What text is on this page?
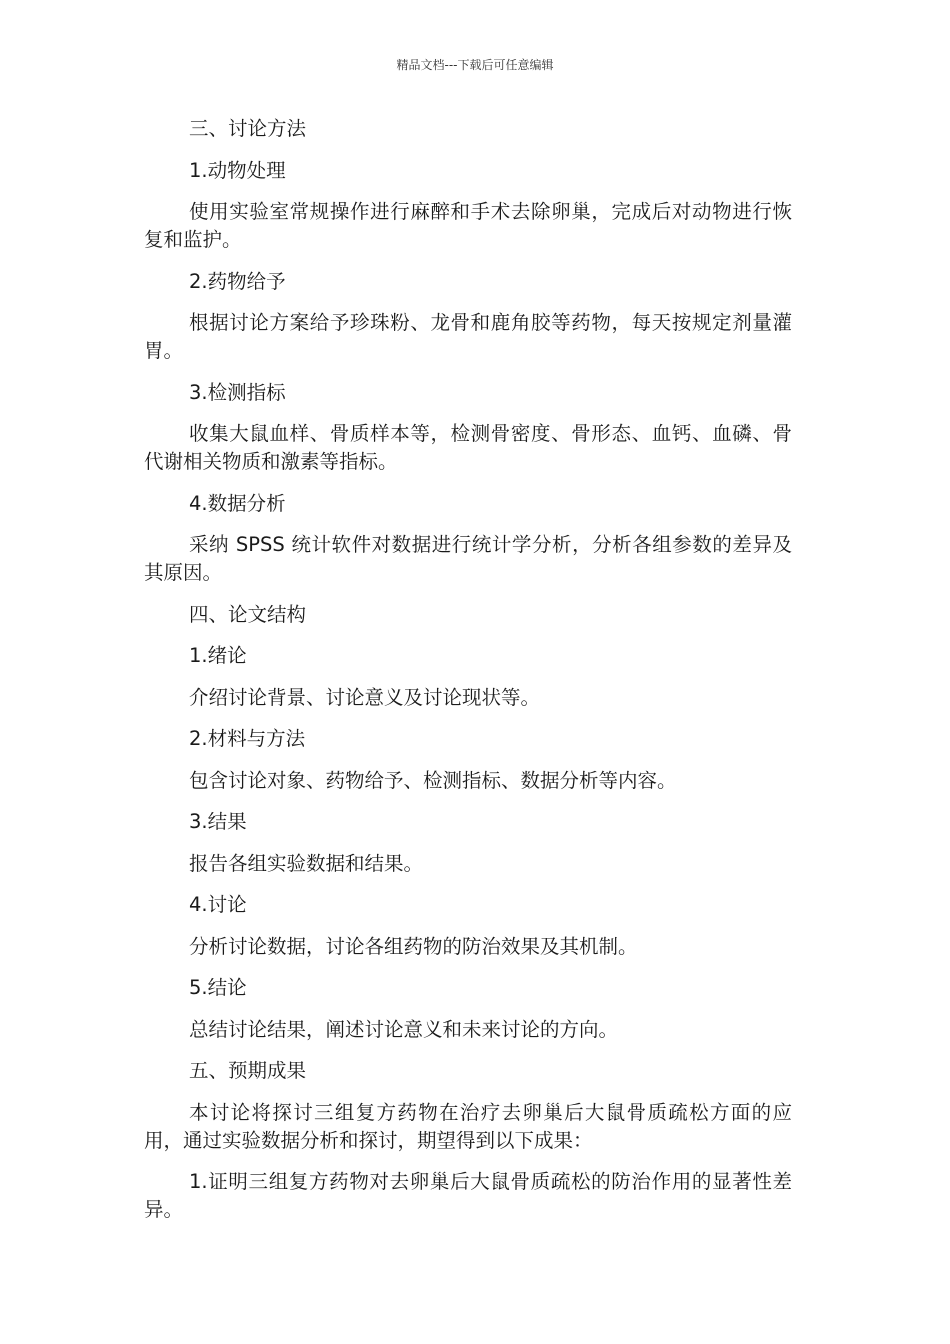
精品文档---下载后可任意编辑

三、讨论方法

1.动物处理

使用实验室常规操作进行麻醉和手术去除卵巢，完成后对动物进行恢复和监护。

2.药物给予

根据讨论方案给予珍珠粉、龙骨和鹿角胶等药物，每天按规定剂量灌胃。

3.检测指标

收集大鼠血样、骨质样本等，检测骨密度、骨形态、血钙、血磷、骨代谢相关物质和激素等指标。

4.数据分析

采纳 SPSS 统计软件对数据进行统计学分析，分析各组参数的差异及其原因。

四、论文结构

1.绪论

介绍讨论背景、讨论意义及讨论现状等。

2.材料与方法

包含讨论对象、药物给予、检测指标、数据分析等内容。

3.结果

报告各组实验数据和结果。

4.讨论

分析讨论数据，讨论各组药物的防治效果及其机制。

5.结论

总结讨论结果，阐述讨论意义和未来讨论的方向。

五、预期成果

本讨论将探讨三组复方药物在治疗去卵巢后大鼠骨质疏松方面的应用，通过实验数据分析和探讨，期望得到以下成果：

1.证明三组复方药物对去卵巢后大鼠骨质疏松的防治作用的显著性差异。
